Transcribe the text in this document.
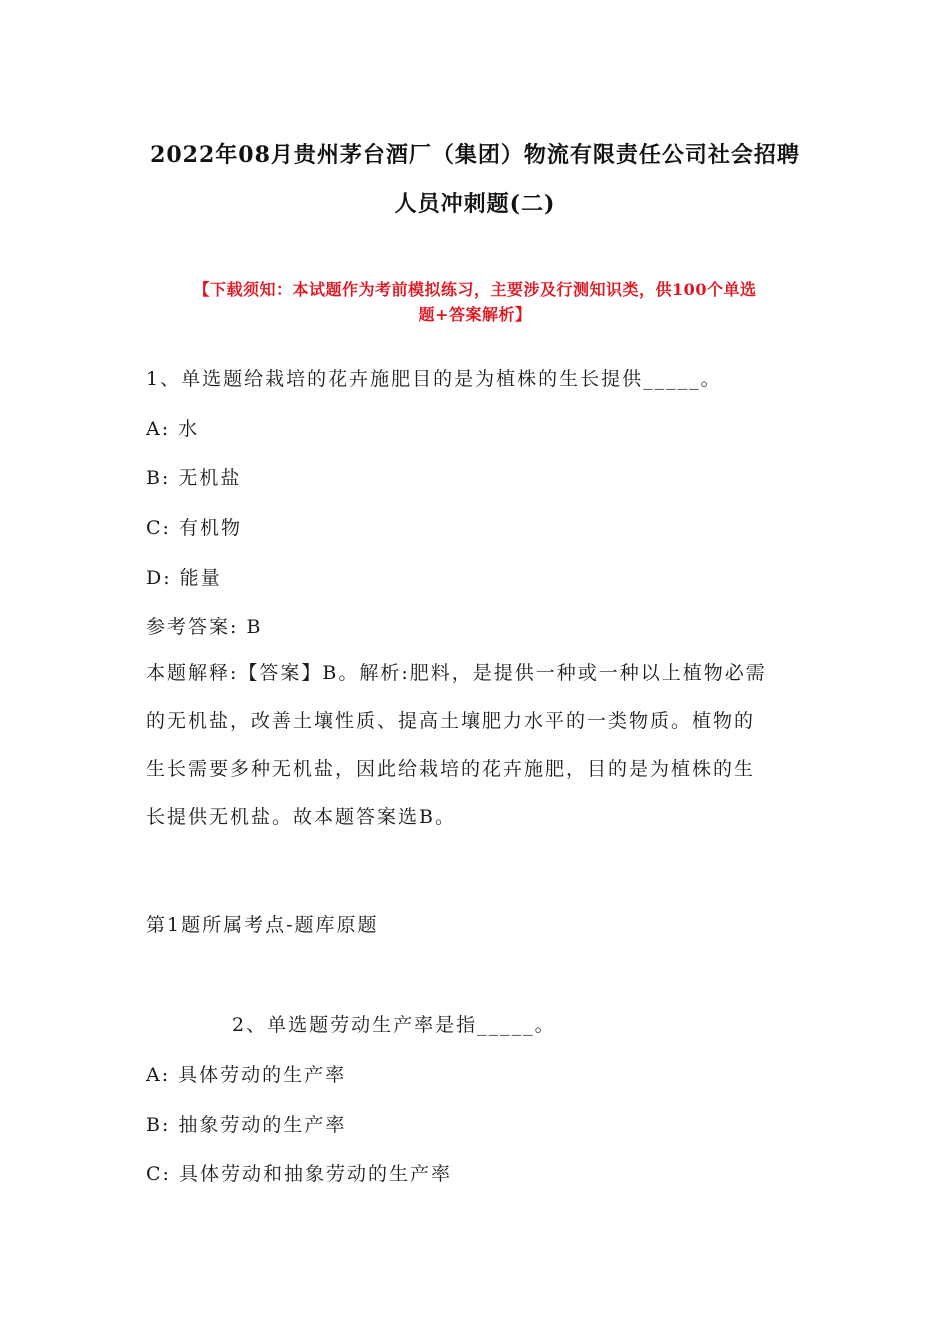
2022年08月贵州茅台酒厂（集团）物流有限责任公司社会招聘
人员冲刺题(二)
【下载须知：本试题作为考前模拟练习，主要涉及行测知识类，供100个单选
题+答案解析】
1、单选题给栽培的花卉施肥目的是为植株的生长提供_____。
A: 水
B: 无机盐
C: 有机物
D: 能量
参考答案: B
本题解释:【答案】B。解析:肥料，是提供一种或一种以上植物必需
的无机盐，改善土壤性质、提高土壤肥力水平的一类物质。植物的
生长需要多种无机盐，因此给栽培的花卉施肥，目的是为植株的生
长提供无机盐。故本题答案选B。
第1题所属考点-题库原题
2、单选题劳动生产率是指_____。
A: 具体劳动的生产率
B: 抽象劳动的生产率
C: 具体劳动和抽象劳动的生产率
